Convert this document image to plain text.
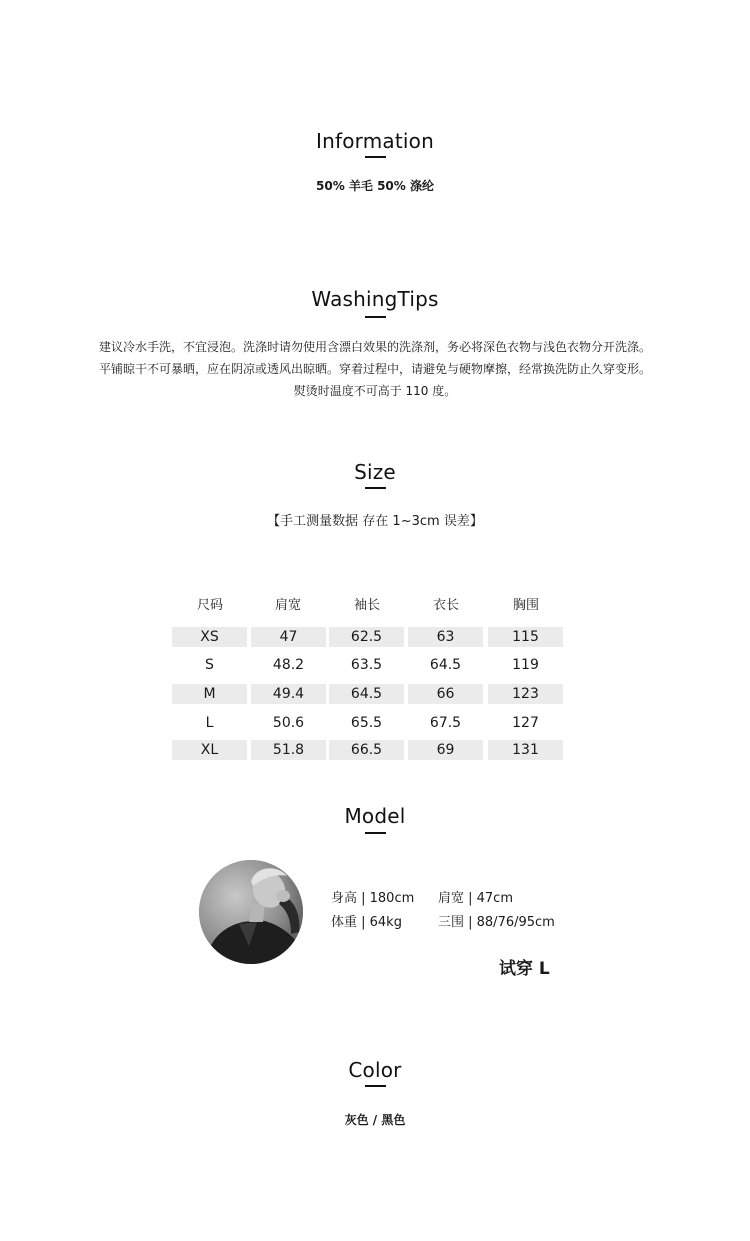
Information
50% 羊毛 50% 涤纶
WashingTips

建议冷水手洗，不宜浸泡。洗涤时请勿使用含漂白效果的洗涤剂，务必将深色衣物与浅色衣物分开洗涤。

平铺晾干不可暴晒，应在阴凉或透风出晾晒。穿着过程中，请避免与硬物摩擦，经常换洗防止久穿变形。

熨烫时温度不可高于 110 度。

Size
【手工测量数据 存在 1~3cm 误差】
尺码	肩宽	袖长	衣长	胸围
XS	47	62.5	63	115
S	48.2	63.5	64.5	119
M	49.4	64.5	66	123
L	50.6	65.5	67.5	127
XL	51.8	66.5	69	131
Model
身高 | 180cm 肩宽 | 47cm
体重 | 64kg	三围 | 88/76/95cm
试穿 L
Color
灰色 / 黑色
